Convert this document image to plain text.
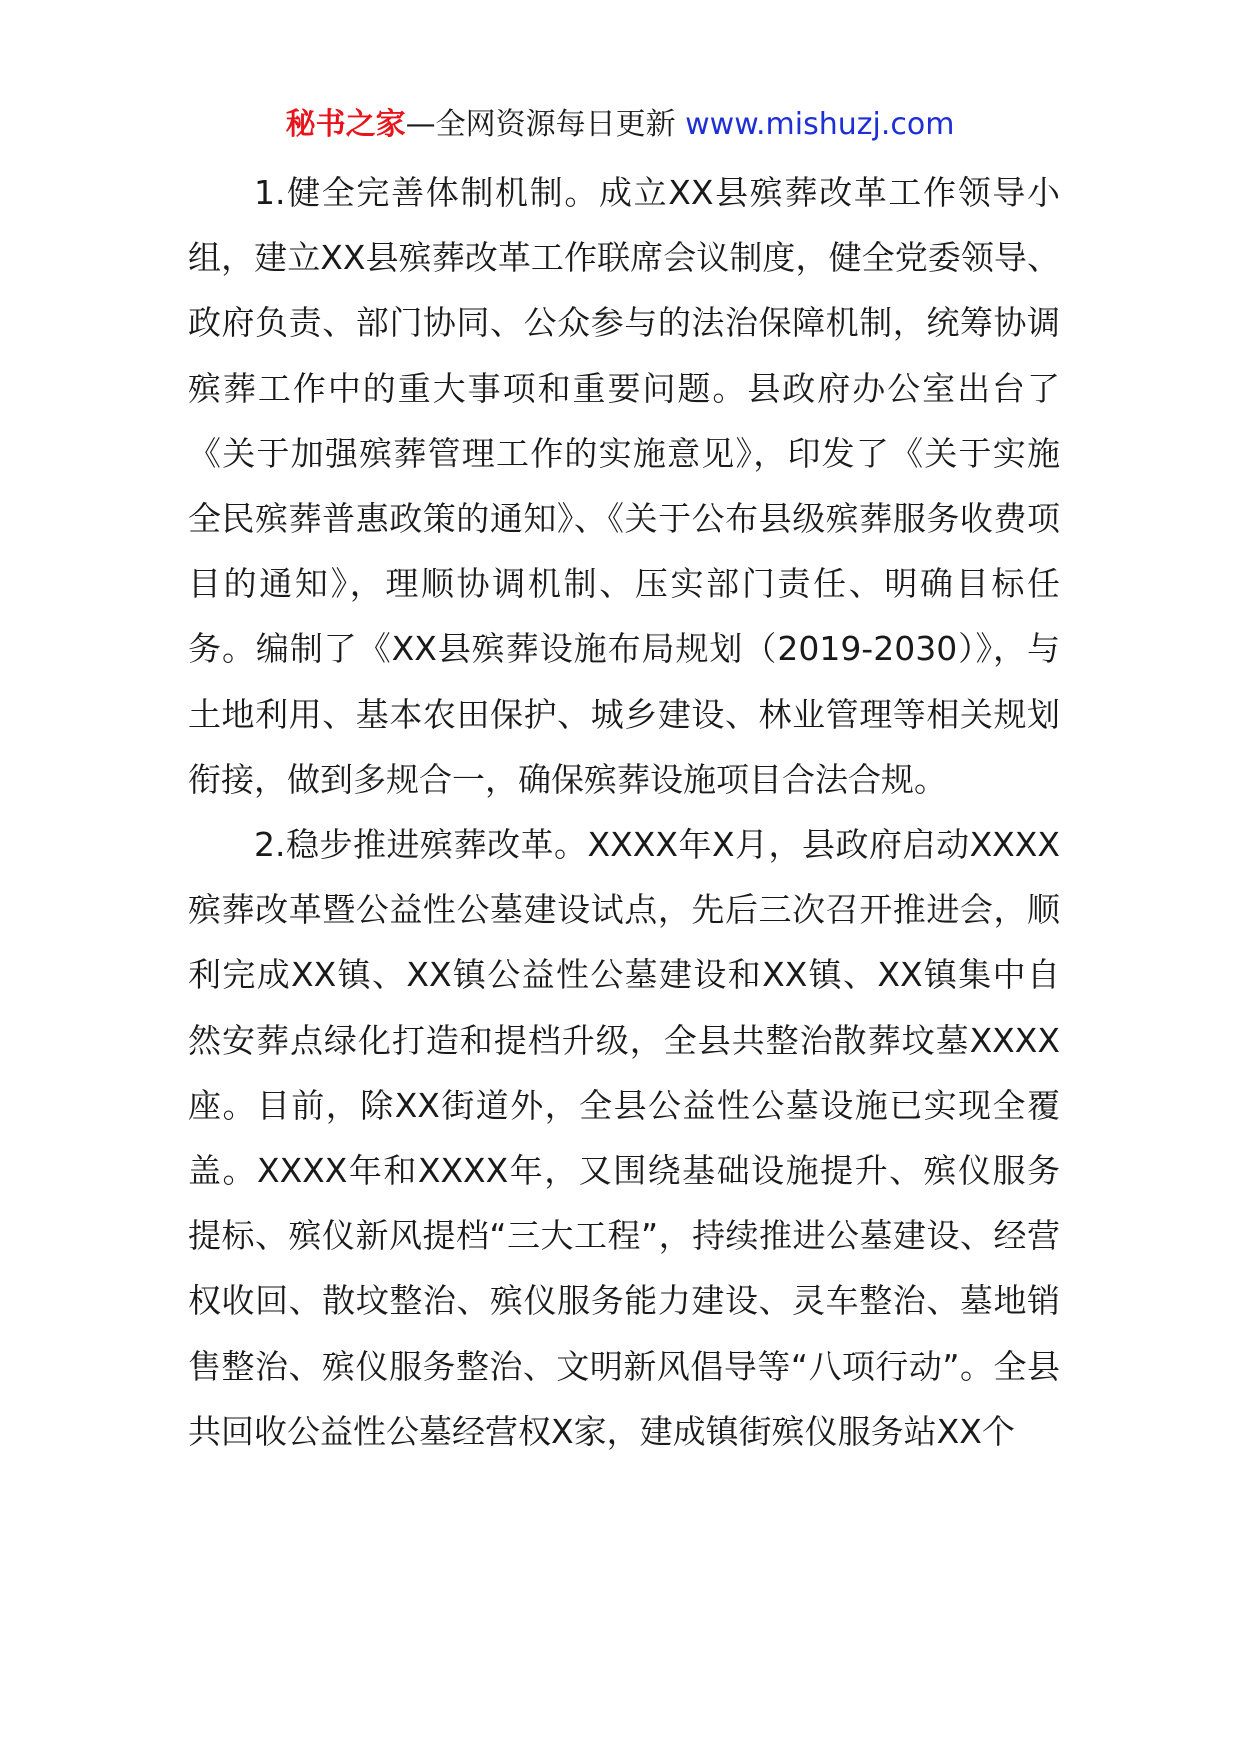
秘书之家—全网资源每日更新 www.mishuzj.com

1.健全完善体制机制。成立XX县殡葬改革工作领导小组，建立XX县殡葬改革工作联席会议制度，健全党委领导、政府负责、部门协同、公众参与的法治保障机制，统筹协调殡葬工作中的重大事项和重要问题。县政府办公室出台了《关于加强殡葬管理工作的实施意见》，印发了《关于实施全民殡葬普惠政策的通知》、《关于公布县级殡葬服务收费项目的通知》，理顺协调机制、压实部门责任、明确目标任务。编制了《XX县殡葬设施布局规划（2019-2030）》，与土地利用、基本农田保护、城乡建设、林业管理等相关规划衔接，做到多规合一，确保殡葬设施项目合法合规。

2.稳步推进殡葬改革。XXXX年X月，县政府启动XXXX殡葬改革暨公益性公墓建设试点，先后三次召开推进会，顺利完成XX镇、XX镇公益性公墓建设和XX镇、XX镇集中自然安葬点绿化打造和提档升级，全县共整治散葬坟墓XXXX座。目前，除XX街道外，全县公益性公墓设施已实现全覆盖。XXXX年和XXXX年，又围绕基础设施提升、殡仪服务提标、殡仪新风提档“三大工程”，持续推进公墓建设、经营权收回、散坟整治、殡仪服务能力建设、灵车整治、墓地销售整治、殡仪服务整治、文明新风倡导等“八项行动”。全县共回收公益性公墓经营权X家，建成镇街殡仪服务站XX个
